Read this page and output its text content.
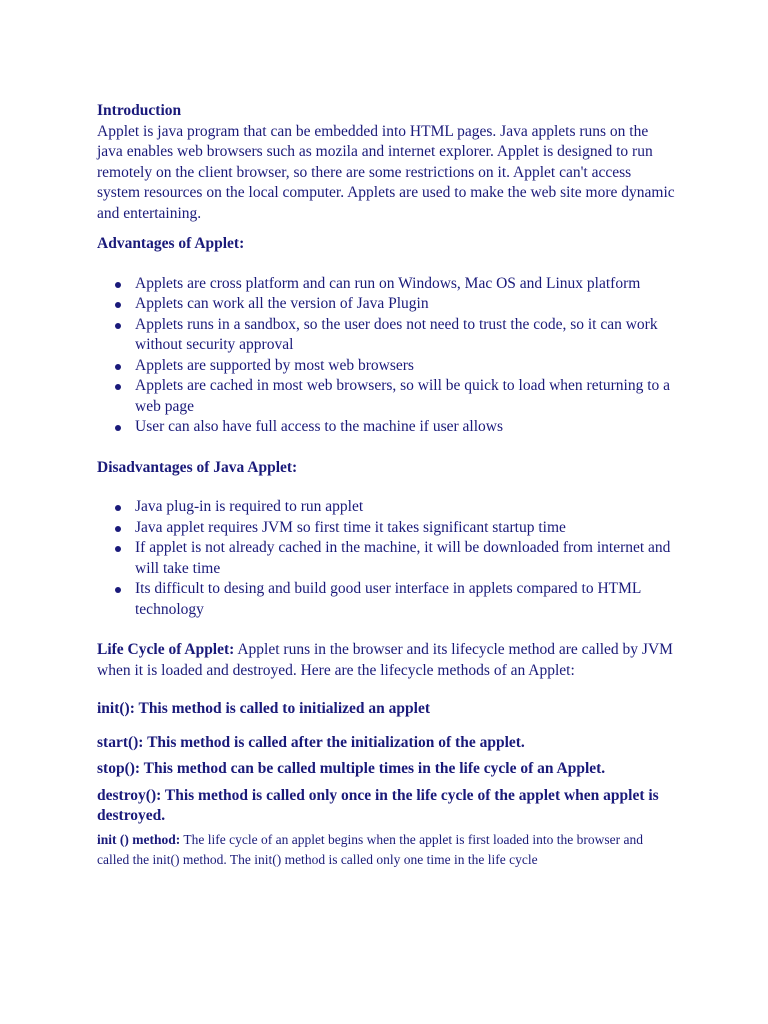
Introduction

Applet is java program that can be embedded into HTML pages. Java applets runs on the java enables web browsers such as mozila and internet explorer. Applet is designed to run remotely on the client browser, so there are some restrictions on it. Applet can't access system resources on the local computer. Applets are used to make the web site more dynamic and entertaining.

Advantages of Applet:

Applets are cross platform and can run on Windows, Mac OS and Linux platform
Applets can work all the version of Java Plugin
Applets runs in a sandbox, so the user does not need to trust the code, so it can work without security approval
Applets are supported by most web browsers
Applets are cached in most web browsers, so will be quick to load when returning to a web page
User can also have full access to the machine if user allows

Disadvantages of Java Applet:

Java plug-in is required to run applet
Java applet requires JVM so first time it takes significant startup time
If applet is not already cached in the machine, it will be downloaded from internet and will take time
Its difficult to desing and build good user interface in applets compared to HTML technology

Life Cycle of Applet: Applet runs in the browser and its lifecycle method are called by JVM when it is loaded and destroyed. Here are the lifecycle methods of an Applet:

init(): This method is called to initialized an applet

start(): This method is called after the initialization of the applet.

stop(): This method can be called multiple times in the life cycle of an Applet.

destroy(): This method is called only once in the life cycle of the applet when applet is destroyed.

init () method: The life cycle of an applet begins when the applet is first loaded into the browser and called the init() method. The init() method is called only one time in the life cycle
